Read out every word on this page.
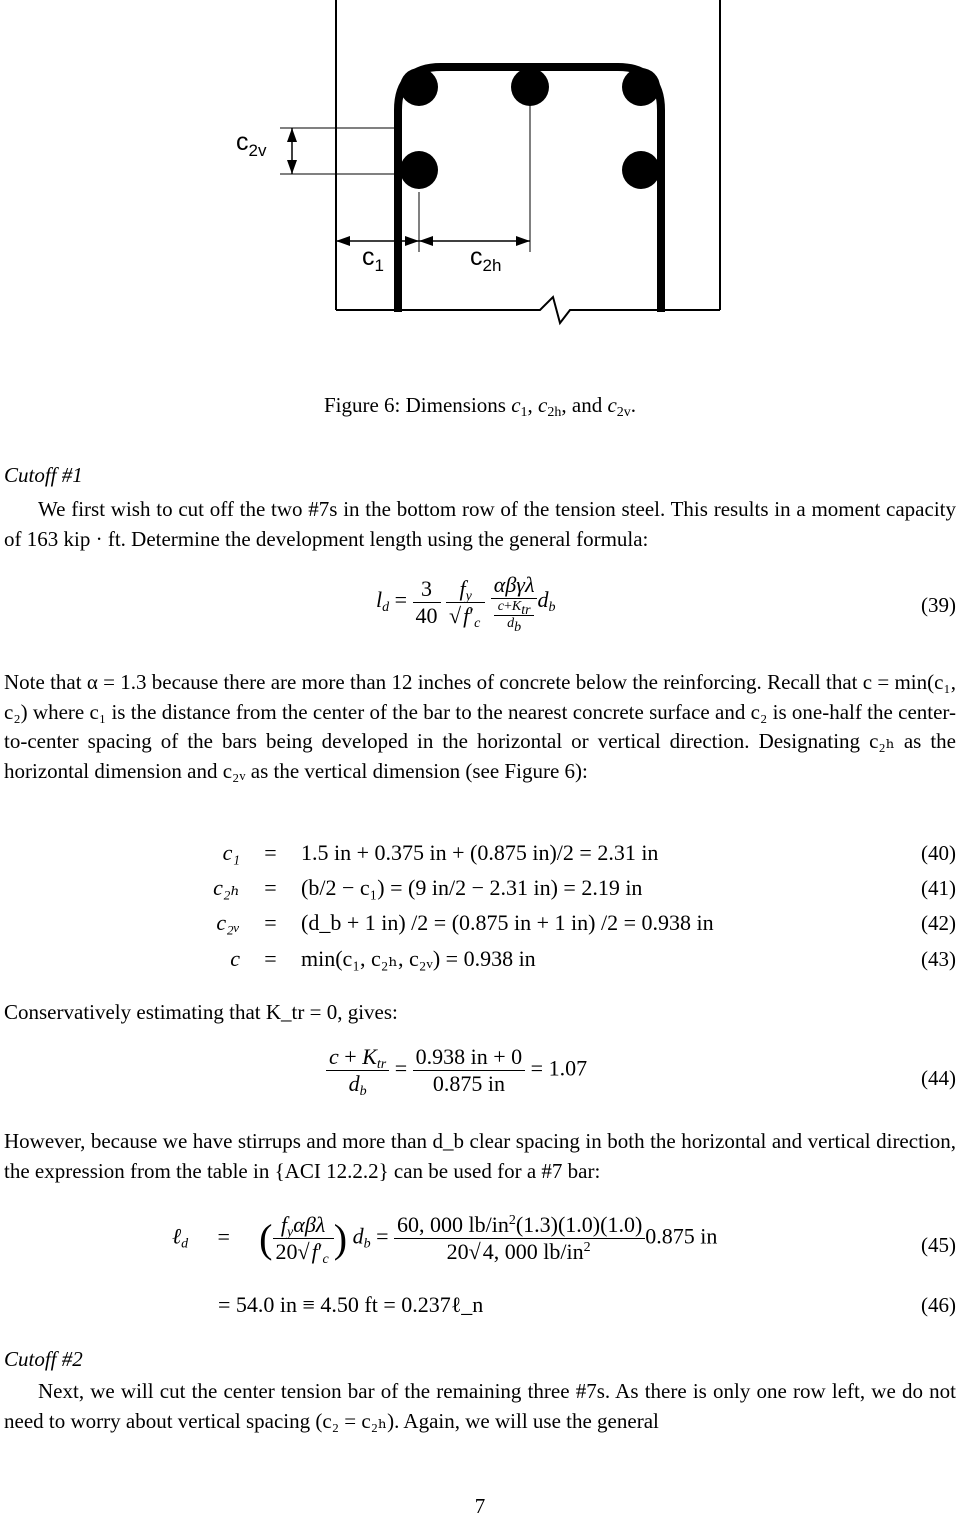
$c_{2v}$
$c_1$	$c_{2h}$
Figure 6: Dimensions $c_1$, $c_{2h}$, and $c_{2v}$.
Cutoff #1
We first wish to cut off the two #7s in the bottom row of the tension steel. This results in a moment capacity of 163 kip · ft. Determine the development length using the general formula:
$l_d = \frac{3}{40}$
$\frac{f_y}{√f'_c}$
αβγλ
$c+K_{tr}$
$d_b$ $d_b$	(39)
Note that α = 1.3 because there are more than 12 inches of concrete below the reinforcing. Recall that c = min(c₁, c₂) where c₁ is the distance from the center of the bar to the nearest concrete surface and c₂ is one-half the center-to-center spacing of the bars being developed in the horizontal or vertical direction. Designating c₂ₕ as the horizontal dimension and c₂ᵥ as the vertical dimension (see Figure 6):
c₁ = 1.5 in + 0.375 in + (0.875 in)/2 = 2.31 in	(40)
c₂ₕ = (b/2 − c₁) = (9 in/2 − 2.31 in) = 2.19 in	(41)
c₂ᵥ = (d_b + 1 in) /2 = (0.875 in + 1 in) /2 = 0.938 in	(42)
c = min(c₁, c₂ₕ, c₂ᵥ) = 0.938 in	(43)
Conservatively estimating that K_tr = 0, gives:
$\frac{c + K_{tr}}{d_b} = \frac{0.938 in + 0}{0.875 in} = 1.07$	(44)
However, because we have stirrups and more than d_b clear spacing in both the horizontal and vertical direction, the expression from the table in {ACI 12.2.2} can be used for a #7 bar:
ℓ$_d$ = ( $\frac{f_y\alpha\beta\lambda}{20√f'_c}$ ) $d_b = \frac{60, 000 lb/in^2(1.3)(1.0)(1.0)}{20√4, 000 lb/in^2} 0.875$ in	(45)
= 54.0 in ≡ 4.50 ft = 0.237ℓ_n	(46)
Cutoff #2
Next, we will cut the center tension bar of the remaining three #7s. As there is only one row left, we do not need to worry about vertical spacing (c₂ = c₂ₕ). Again, we will use the general
7
